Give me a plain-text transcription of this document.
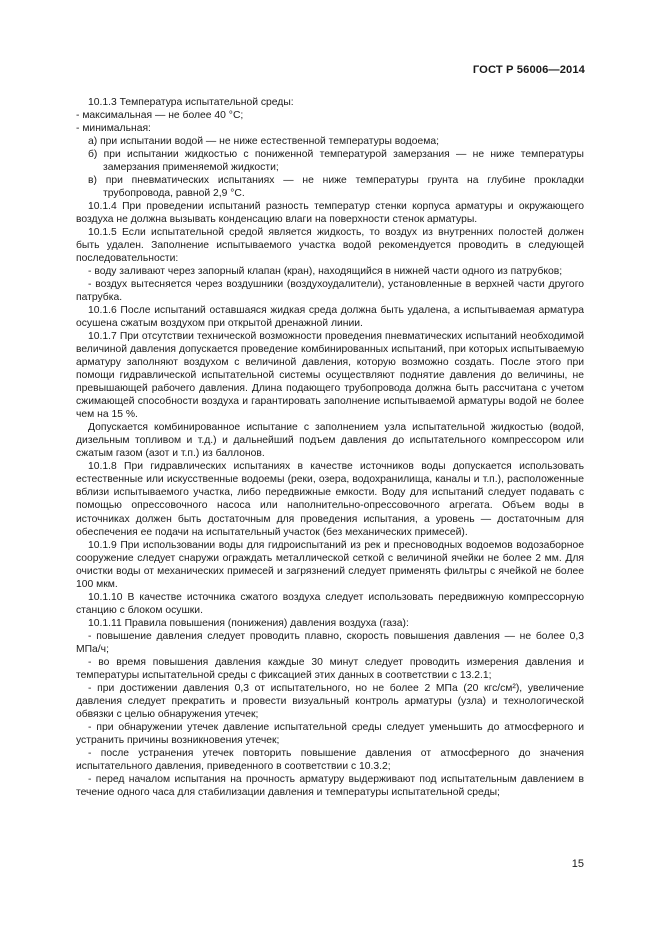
ГОСТ Р 56006—2014

10.1.3 Температура испытательной среды:

- максимальная — не более 40 °С;

- минимальная:

а) при испытании водой — не ниже естественной температуры водоема;

б) при испытании жидкостью с пониженной температурой замерзания — не ниже температуры замерзания применяемой жидкости;

в) при пневматических испытаниях — не ниже температуры грунта на глубине прокладки трубопровода, равной 2,9 °С.

10.1.4 При проведении испытаний разность температур стенки корпуса арматуры и окружающего воздуха не должна вызывать конденсацию влаги на поверхности стенок арматуры.

10.1.5 Если испытательной средой является жидкость, то воздух из внутренних полостей должен быть удален. Заполнение испытываемого участка водой рекомендуется проводить в следующей последовательности:

- воду заливают через запорный клапан (кран), находящийся в нижней части одного из патрубков;

- воздух вытесняется через воздушники (воздухоудалители), установленные в верхней части другого патрубка.

10.1.6 После испытаний оставшаяся жидкая среда должна быть удалена, а испытываемая арматура осушена сжатым воздухом при открытой дренажной линии.

10.1.7 При отсутствии технической возможности проведения пневматических испытаний необходимой величиной давления допускается проведение комбинированных испытаний, при которых испытываемую арматуру заполняют воздухом с величиной давления, которую возможно создать. После этого при помощи гидравлической испытательной системы осуществляют поднятие давления до величины, не превышающей рабочего давления. Длина подающего трубопровода должна быть рассчитана с учетом сжимающей способности воздуха и гарантировать заполнение испытываемой арматуры водой не более чем на 15 %.

Допускается комбинированное испытание с заполнением узла испытательной жидкостью (водой, дизельным топливом и т.д.) и дальнейший подъем давления до испытательного компрессором или сжатым газом (азот и т.п.) из баллонов.

10.1.8 При гидравлических испытаниях в качестве источников воды допускается использовать естественные или искусственные водоемы (реки, озера, водохранилища, каналы и т.п.), расположенные вблизи испытываемого участка, либо передвижные емкости. Воду для испытаний следует подавать с помощью опрессовочного насоса или наполнительно-опрессовочного агрегата. Объем воды в источниках должен быть достаточным для проведения испытания, а уровень — достаточным для обеспечения ее подачи на испытательный участок (без механических примесей).

10.1.9 При использовании воды для гидроиспытаний из рек и пресноводных водоемов водозаборное сооружение следует снаружи ограждать металлической сеткой с величиной ячейки не более 2 мм. Для очистки воды от механических примесей и загрязнений следует применять фильтры с ячейкой не более 100 мкм.

10.1.10 В качестве источника сжатого воздуха следует использовать передвижную компрессорную станцию с блоком осушки.

10.1.11 Правила повышения (понижения) давления воздуха (газа):

- повышение давления следует проводить плавно, скорость повышения давления — не более 0,3 МПа/ч;

- во время повышения давления каждые 30 минут следует проводить измерения давления и температуры испытательной среды с фиксацией этих данных в соответствии с 13.2.1;

- при достижении давления 0,3 от испытательного, но не более 2 МПа (20 кгс/см²), увеличение давления следует прекратить и провести визуальный контроль арматуры (узла) и технологической обвязки с целью обнаружения утечек;

- при обнаружении утечек давление испытательной среды следует уменьшить до атмосферного и устранить причины возникновения утечек;

- после устранения утечек повторить повышение давления от атмосферного до значения испытательного давления, приведенного в соответствии с 10.3.2;

- перед началом испытания на прочность арматуру выдерживают под испытательным давлением в течение одного часа для стабилизации давления и температуры испытательной среды;

15
